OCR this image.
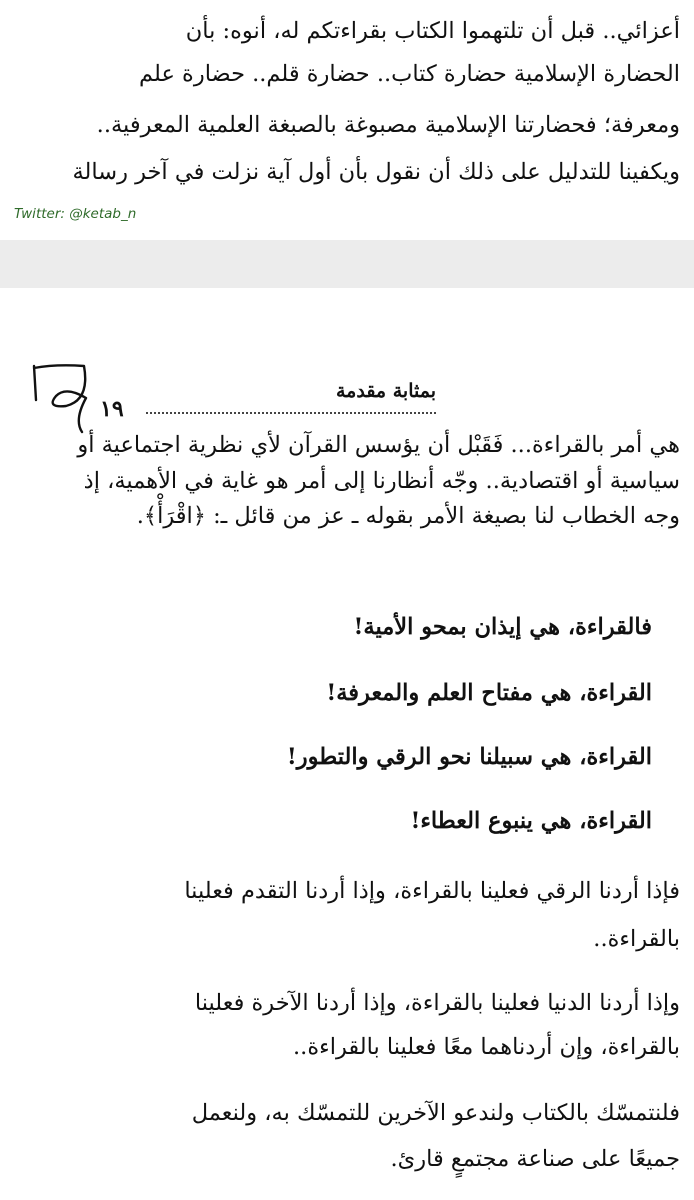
أعزائي.. قبل أن تلتهموا الكتاب بقراءتكم له، أنوه: بأن
الحضارة الإسلامية حضارة كتاب.. حضارة قلم.. حضارة علم
ومعرفة؛ فحضارتنا الإسلامية مصبوغة بالصبغة العلمية المعرفية..
ويكفينا للتدليل على ذلك أن نقول بأن أول آية نزلت في آخر رسالة
Twitter: @ketab_n
١٩
بمثابة مقدمة
هي أمر بالقراءة... فَقَبْل أن يؤسس القرآن لأي نظرية اجتماعية أو
سياسية أو اقتصادية.. وجّه أنظارنا إلى أمر هو غاية في الأهمية، إذ
وجه الخطاب لنا بصيغة الأمر بقوله ـ عز من قائل ـ: ﴿اقْرَأْ﴾.
فالقراءة، هي إيذان بمحو الأمية!
القراءة، هي مفتاح العلم والمعرفة!
القراءة، هي سبيلنا نحو الرقي والتطور!
القراءة، هي ينبوع العطاء!
فإذا أردنا الرقي فعلينا بالقراءة، وإذا أردنا التقدم فعلينا
بالقراءة..
وإذا أردنا الدنيا فعلينا بالقراءة، وإذا أردنا الآخرة فعلينا
بالقراءة، وإن أردناهما معًا فعلينا بالقراءة..
فلنتمسّك بالكتاب ولندعو الآخرين للتمسّك به، ولنعمل
جميعًا على صناعة مجتمعٍ قارئ.
